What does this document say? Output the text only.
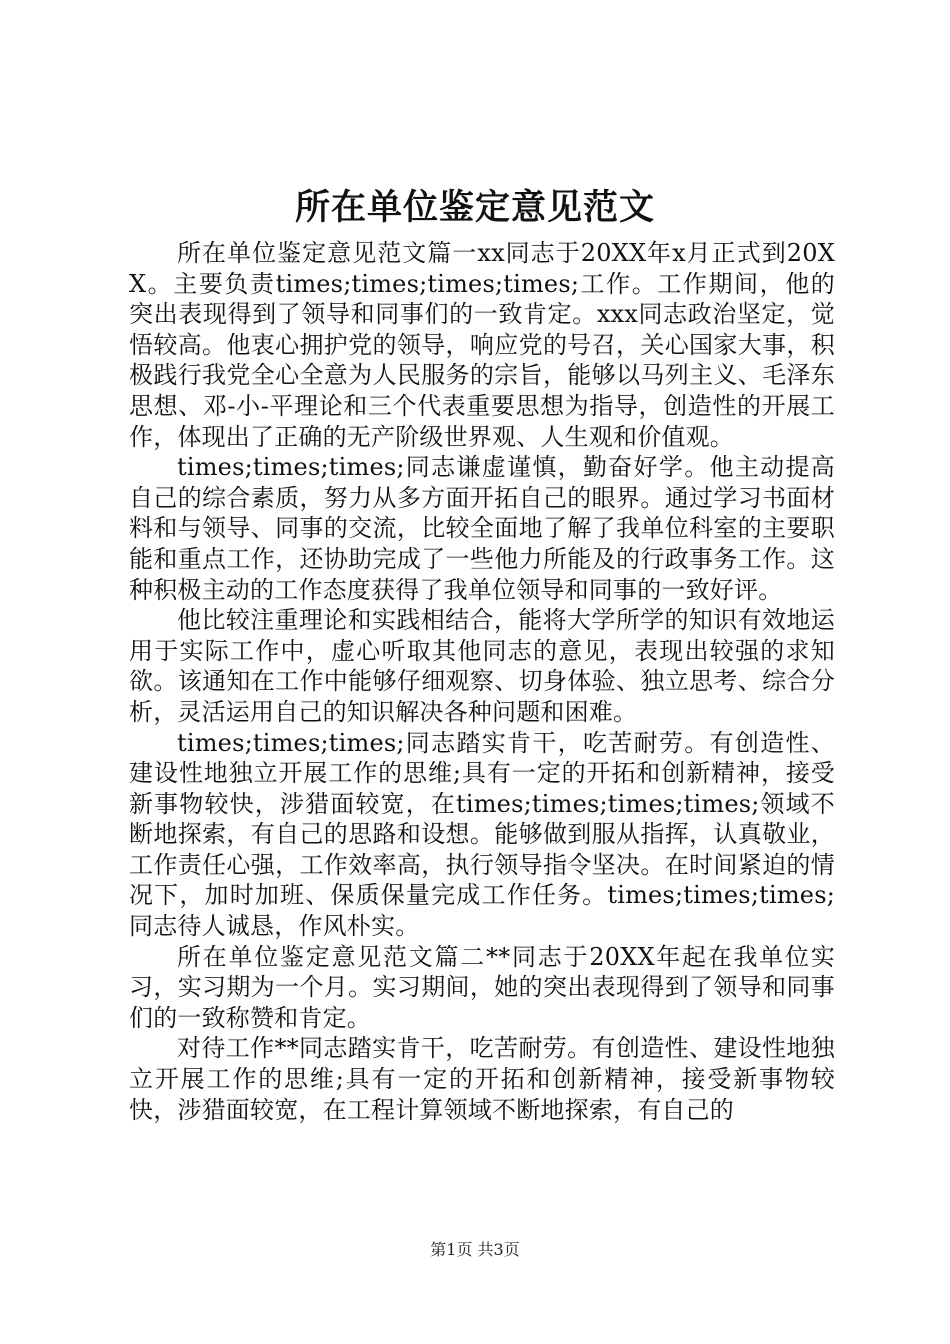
所在单位鉴定意见范文

所在单位鉴定意见范文篇一xx同志于20XX年x月正式到20XX。主要负责times;times;times;times;工作。工作期间，他的突出表现得到了领导和同事们的一致肯定。xxx同志政治坚定，觉悟较高。他衷心拥护党的领导，响应党的号召，关心国家大事，积极践行我党全心全意为人民服务的宗旨，能够以马列主义、毛泽东思想、邓-小-平理论和三个代表重要思想为指导，创造性的开展工作，体现出了正确的无产阶级世界观、人生观和价值观。

times;times;times;同志谦虚谨慎，勤奋好学。他主动提高自己的综合素质，努力从多方面开拓自己的眼界。通过学习书面材料和与领导、同事的交流，比较全面地了解了我单位科室的主要职能和重点工作，还协助完成了一些他力所能及的行政事务工作。这种积极主动的工作态度获得了我单位领导和同事的一致好评。

他比较注重理论和实践相结合，能将大学所学的知识有效地运用于实际工作中，虚心听取其他同志的意见，表现出较强的求知欲。该通知在工作中能够仔细观察、切身体验、独立思考、综合分析，灵活运用自己的知识解决各种问题和困难。

times;times;times;同志踏实肯干，吃苦耐劳。有创造性、建设性地独立开展工作的思维;具有一定的开拓和创新精神，接受新事物较快，涉猎面较宽，在times;times;times;times;领域不断地探索，有自己的思路和设想。能够做到服从指挥，认真敬业，工作责任心强，工作效率高，执行领导指令坚决。在时间紧迫的情况下，加时加班、保质保量完成工作任务。times;times;times;同志待人诚恳，作风朴实。

所在单位鉴定意见范文篇二**同志于20XX年起在我单位实习，实习期为一个月。实习期间，她的突出表现得到了领导和同事们的一致称赞和肯定。

对待工作**同志踏实肯干，吃苦耐劳。有创造性、建设性地独立开展工作的思维;具有一定的开拓和创新精神，接受新事物较快，涉猎面较宽，在工程计算领域不断地探索，有自己的

第1页 共3页
